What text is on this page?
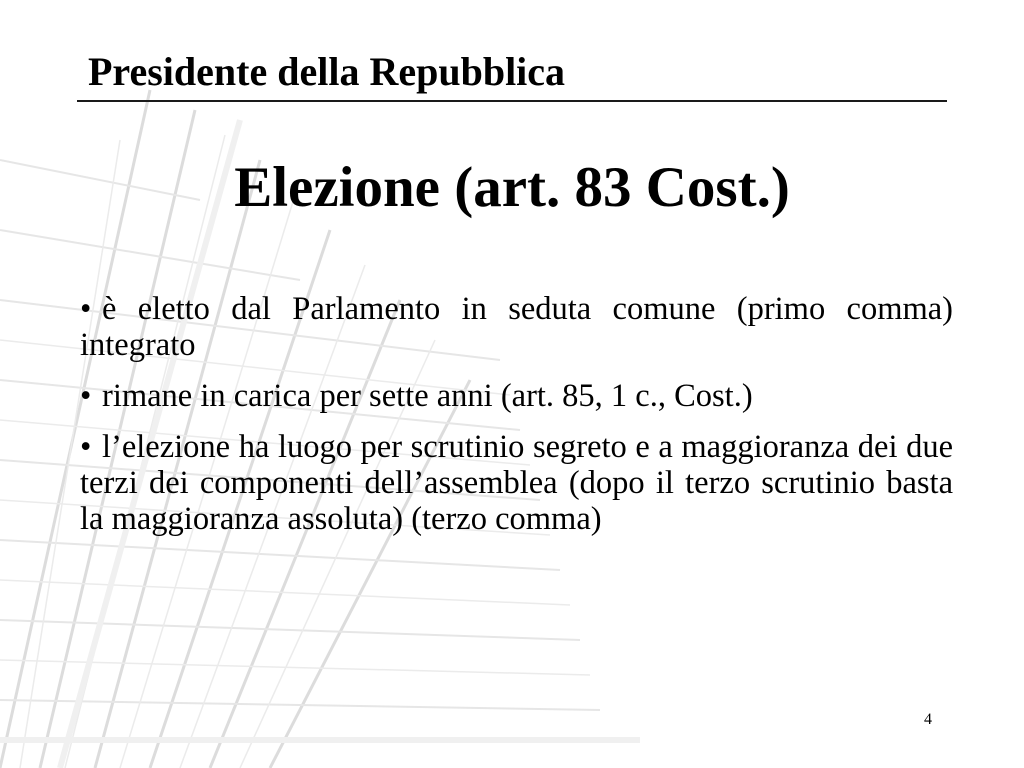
Presidente della Repubblica
Elezione (art. 83 Cost.)
• è eletto dal Parlamento in seduta comune (primo comma) integrato
• rimane in carica per sette anni (art. 85, 1 c., Cost.)
• l’elezione ha luogo per scrutinio segreto e a maggioranza dei due terzi dei componenti dell’assemblea (dopo il terzo scrutinio basta la maggioranza assoluta) (terzo comma)
4
